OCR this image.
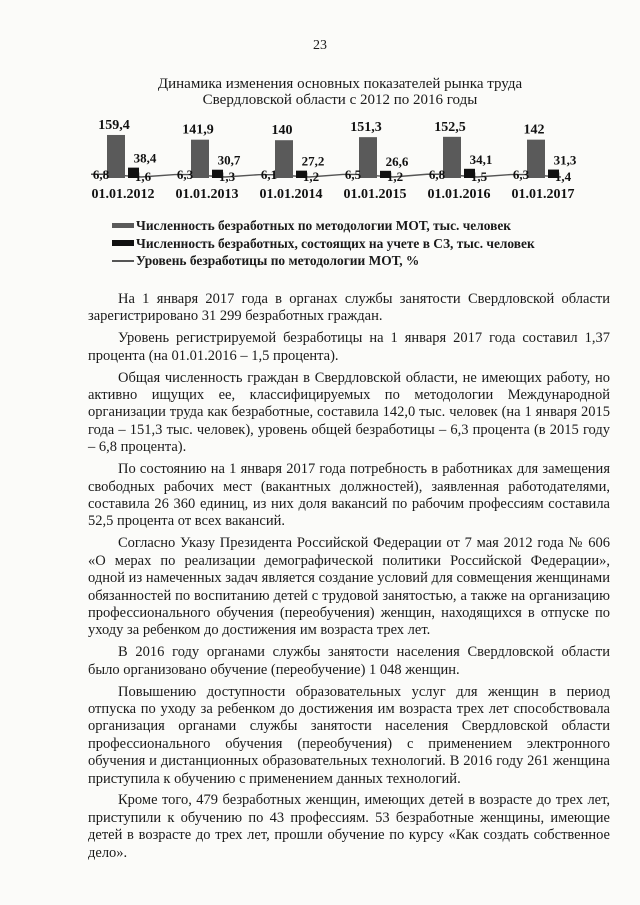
23
Динамика изменения основных показателей рынка труда
Свердловской области с 2012 по 2016 годы
159,4
38,4
6,8 1,6
01.01.2012
141,9
30,7
6,3 1,3
01.01.2013
140
27,2
6,1 1,2
01.01.2014
151,3
26,6
6,5 1,2
01.01.2015
152,5
34,1
6,8 1,5
01.01.2016
142
31,3
6,3 1,4
01.01.2017
Численность безработных по методологии МОТ, тыс. человек
Численность безработных, состоящих на учете в СЗ, тыс. человек
Уровень безработицы по методологии МОТ, %

На 1 января 2017 года в органах службы занятости Свердловской области зарегистрировано 31 299 безработных граждан.

Уровень регистрируемой безработицы на 1 января 2017 года составил 1,37 процента (на 01.01.2016 – 1,5 процента).

Общая численность граждан в Свердловской области, не имеющих работу, но активно ищущих ее, классифицируемых по методологии Международной организации труда как безработные, составила 142,0 тыс. человек (на 1 января 2015 года – 151,3 тыс. человек), уровень общей безработицы – 6,3 процента (в 2015 году – 6,8 процента).

По состоянию на 1 января 2017 года потребность в работниках для замещения свободных рабочих мест (вакантных должностей), заявленная работодателями, составила 26 360 единиц, из них доля вакансий по рабочим профессиям составила 52,5 процента от всех вакансий.

Согласно Указу Президента Российской Федерации от 7 мая 2012 года № 606 «О мерах по реализации демографической политики Российской Федерации», одной из намеченных задач является создание условий для совмещения женщинами обязанностей по воспитанию детей с трудовой занятостью, а также на организацию профессионального обучения (переобучения) женщин, находящихся в отпуске по уходу за ребенком до достижения им возраста трех лет.

В 2016 году органами службы занятости населения Свердловской области было организовано обучение (переобучение) 1 048 женщин.

Повышению доступности образовательных услуг для женщин в период отпуска по уходу за ребенком до достижения им возраста трех лет способствовала организация органами службы занятости населения Свердловской области профессионального обучения (переобучения) с применением электронного обучения и дистанционных образовательных технологий. В 2016 году 261 женщина приступила к обучению с применением данных технологий.

Кроме того, 479 безработных женщин, имеющих детей в возрасте до трех лет, приступили к обучению по 43 профессиям. 53 безработные женщины, имеющие детей в возрасте до трех лет, прошли обучение по курсу «Как создать собственное дело».
